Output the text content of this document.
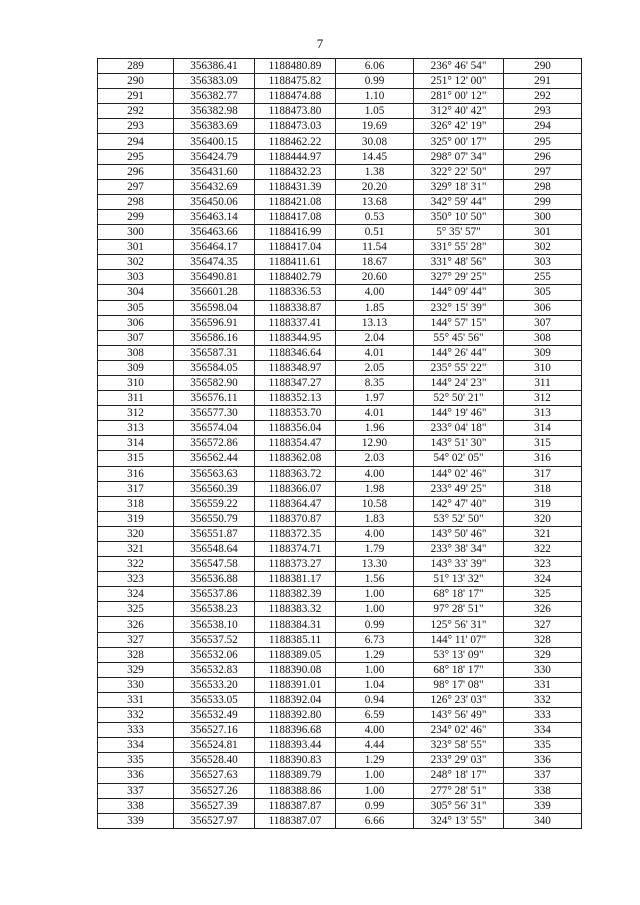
7
289	356386.41	1188480.89	6.06	236° 46' 54"	290
290	356383.09	1188475.82	0.99	251° 12' 00"	291
291	356382.77	1188474.88	1.10	281° 00' 12"	292
292	356382.98	1188473.80	1.05	312° 40' 42"	293
293	356383.69	1188473.03	19.69	326° 42' 19"	294
294	356400.15	1188462.22	30.08	325° 00' 17"	295
295	356424.79	1188444.97	14.45	298° 07' 34"	296
296	356431.60	1188432.23	1.38	322° 22' 50"	297
297	356432.69	1188431.39	20.20	329° 18' 31"	298
298	356450.06	1188421.08	13.68	342° 59' 44"	299
299	356463.14	1188417.08	0.53	350° 10' 50"	300
300	356463.66	1188416.99	0.51	5° 35' 57"	301
301	356464.17	1188417.04	11.54	331° 55' 28"	302
302	356474.35	1188411.61	18.67	331° 48' 56"	303
303	356490.81	1188402.79	20.60	327° 29' 25"	255
304	356601.28	1188336.53	4.00	144° 09' 44"	305
305	356598.04	1188338.87	1.85	232° 15' 39"	306
306	356596.91	1188337.41	13.13	144° 57' 15"	307
307	356586.16	1188344.95	2.04	55° 45' 56"	308
308	356587.31	1188346.64	4.01	144° 26' 44"	309
309	356584.05	1188348.97	2.05	235° 55' 22"	310
310	356582.90	1188347.27	8.35	144° 24' 23"	311
311	356576.11	1188352.13	1.97	52° 50' 21"	312
312	356577.30	1188353.70	4.01	144° 19' 46"	313
313	356574.04	1188356.04	1.96	233° 04' 18"	314
314	356572.86	1188354.47	12.90	143° 51' 30"	315
315	356562.44	1188362.08	2.03	54° 02' 05"	316
316	356563.63	1188363.72	4.00	144° 02' 46"	317
317	356560.39	1188366.07	1.98	233° 49' 25"	318
318	356559.22	1188364.47	10.58	142° 47' 40"	319
319	356550.79	1188370.87	1.83	53° 52' 50"	320
320	356551.87	1188372.35	4.00	143° 50' 46"	321
321	356548.64	1188374.71	1.79	233° 38' 34"	322
322	356547.58	1188373.27	13.30	143° 33' 39"	323
323	356536.88	1188381.17	1.56	51° 13' 32"	324
324	356537.86	1188382.39	1.00	68° 18' 17"	325
325	356538.23	1188383.32	1.00	97° 28' 51"	326
326	356538.10	1188384.31	0.99	125° 56' 31"	327
327	356537.52	1188385.11	6.73	144° 11' 07"	328
328	356532.06	1188389.05	1.29	53° 13' 09"	329
329	356532.83	1188390.08	1.00	68° 18' 17"	330
330	356533.20	1188391.01	1.04	98° 17' 08"	331
331	356533.05	1188392.04	0.94	126° 23' 03"	332
332	356532.49	1188392.80	6.59	143° 56' 49"	333
333	356527.16	1188396.68	4.00	234° 02' 46"	334
334	356524.81	1188393.44	4.44	323° 58' 55"	335
335	356528.40	1188390.83	1.29	233° 29' 03"	336
336	356527.63	1188389.79	1.00	248° 18' 17"	337
337	356527.26	1188388.86	1.00	277° 28' 51"	338
338	356527.39	1188387.87	0.99	305° 56' 31"	339
339	356527.97	1188387.07	6.66	324° 13' 55"	340
